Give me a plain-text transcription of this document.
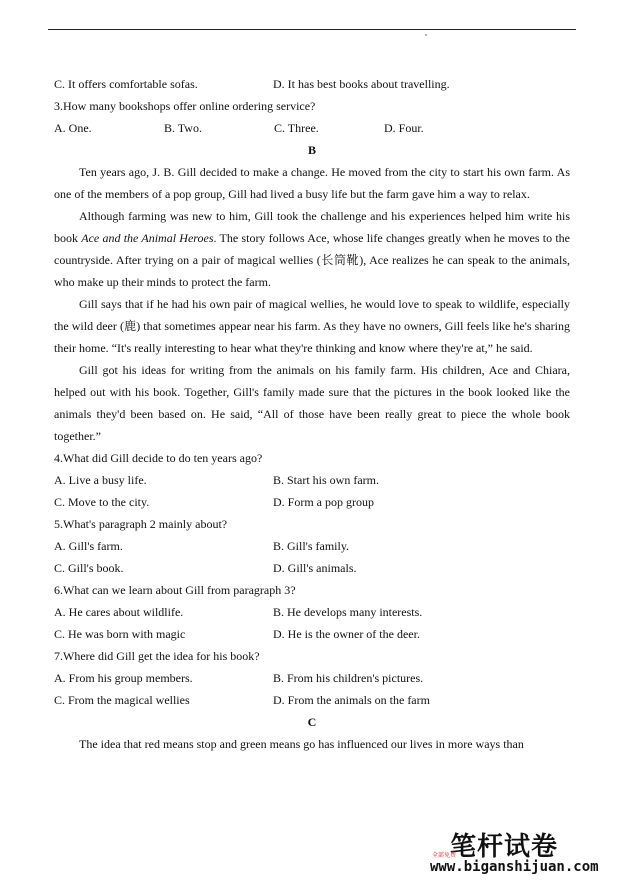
C. It offers comfortable sofas.	D. It has best books about travelling.
3.How many bookshops offer online ordering service?
A. One.	B. Two.	C. Three.	D. Four.
B
Ten years ago, J. B. Gill decided to make a change. He moved from the city to start his own farm. As one of the members of a pop group, Gill had lived a busy life but the farm gave him a way to relax.
Although farming was new to him, Gill took the challenge and his experiences helped him write his book Ace and the Animal Heroes. The story follows Ace, whose life changes greatly when he moves to the countryside. After trying on a pair of magical wellies (长筒靴), Ace realizes he can speak to the animals, who make up their minds to protect the farm.
Gill says that if he had his own pair of magical wellies, he would love to speak to wildlife, especially the wild deer (鹿) that sometimes appear near his farm. As they have no owners, Gill feels like he's sharing their home. “It's really interesting to hear what they're thinking and know where they're at,” he said.
Gill got his ideas for writing from the animals on his family farm. His children, Ace and Chiara, helped out with his book. Together, Gill's family made sure that the pictures in the book looked like the animals they'd been based on. He said, “All of those have been really great to piece the whole book together.”
4.What did Gill decide to do ten years ago?
A. Live a busy life.	B. Start his own farm.
C. Move to the city.	D. Form a pop group
5.What's paragraph 2 mainly about?
A. Gill's farm.	B. Gill's family.
C. Gill's book.	D. Gill's animals.
6.What can we learn about Gill from paragraph 3?
A. He cares about wildlife.	B. He develops many interests.
C. He was born with magic	D. He is the owner of the deer.
7.Where did Gill get the idea for his book?
A. From his group members.	B. From his children's pictures.
C. From the magical wellies	D. From the animals on the farm
C
The idea that red means stop and green means go has influenced our lives in more ways than
笔杆试卷
全部免费
www.biganshijuan.com
